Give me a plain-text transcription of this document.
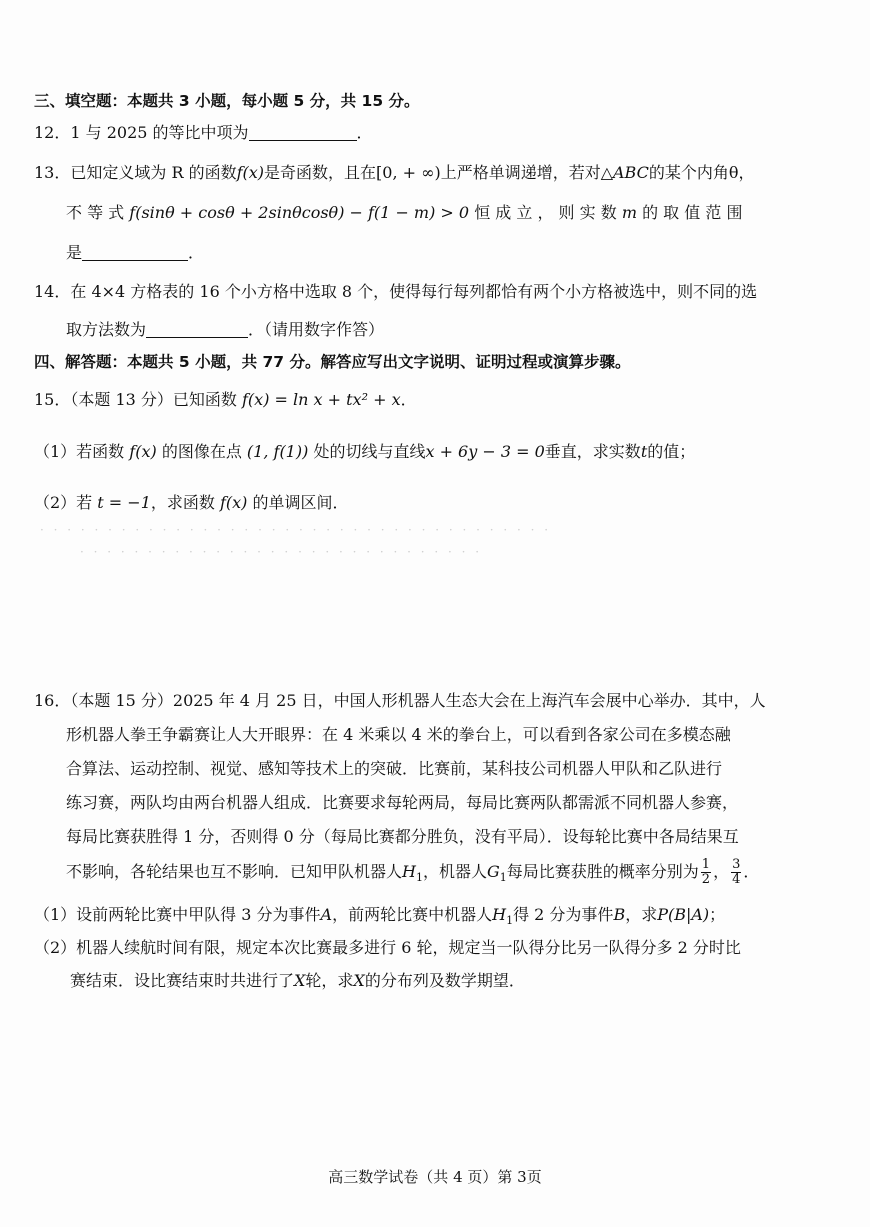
三、填空题：本题共 3 小题，每小题 5 分，共 15 分。
12．1 与 2025 的等比中项为	．
13．已知定义域为 R 的函数f(x)是奇函数，且在[0, + ∞)上严格单调递增，若对△ABC的某个内角θ，
不 等 式 f(sinθ + cosθ + 2sinθcosθ) − f(1 − m) > 0 恒 成 立 ， 则 实 数 m 的 取 值 范 围
是	．
14．在 4×4 方格表的 16 个小方格中选取 8 个，使得每行每列都恰有两个小方格被选中，则不同的选
取方法数为	．（请用数字作答）
四、解答题：本题共 5 小题，共 77 分。解答应写出文字说明、证明过程或演算步骤。
15．（本题 13 分）已知函数 f(x) = ln x + tx² + x．
（1）若函数 f(x) 的图像在点 (1, f(1)) 处的切线与直线x + 6y − 3 = 0垂直，求实数t的值；
（2）若 t = −1，求函数 f(x) 的单调区间．
· · · · · · · · · · · · · · · · · · · · · · · · · · · · · · · · · · · · · ·
· · · · · · · · · · · · · · · · · · · · · · · · · · · · · ·
16．（本题 15 分）2025 年 4 月 25 日，中国人形机器人生态大会在上海汽车会展中心举办．其中，人
形机器人拳王争霸赛让人大开眼界：在 4 米乘以 4 米的拳台上，可以看到各家公司在多模态融
合算法、运动控制、视觉、感知等技术上的突破．比赛前，某科技公司机器人甲队和乙队进行
练习赛，两队均由两台机器人组成．比赛要求每轮两局，每局比赛两队都需派不同机器人参赛，
每局比赛获胜得 1 分，否则得 0 分（每局比赛都分胜负，没有平局）．设每轮比赛中各局结果互
不影响，各轮结果也互不影响．已知甲队机器人$H_1$，机器人$G_1$每局比赛获胜的概率分别为 $\frac{1}{2}$ ， $\frac{3}{4}$ ．
（1）设前两轮比赛中甲队得 3 分为事件A，前两轮比赛中机器人$H_1$得 2 分为事件B，求P(B|A)；
（2）机器人续航时间有限，规定本次比赛最多进行 6 轮，规定当一队得分比另一队得分多 2 分时比
赛结束．设比赛结束时共进行了X轮，求X的分布列及数学期望．
高三数学试卷（共 4 页）第 3页
